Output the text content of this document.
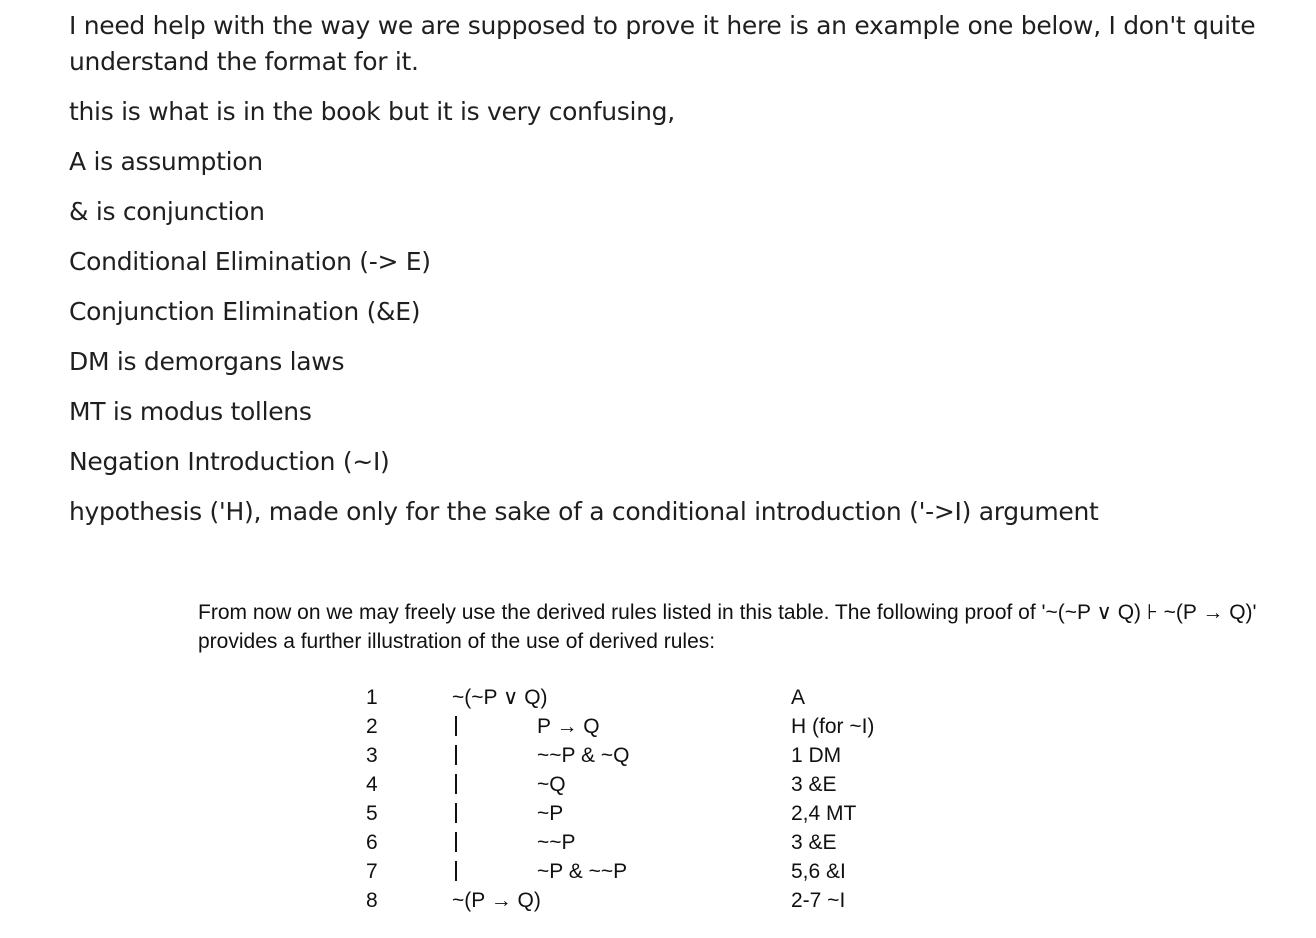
I need help with the way we are supposed to prove it here is an example one below, I don't quite understand the format for it.

this is what is in the book but it is very confusing,

A is assumption

& is conjunction

Conditional Elimination (-> E)

Conjunction Elimination (&E)

DM is demorgans laws

MT is modus tollens

Negation Introduction (~I)

hypothesis ('H), made only for the sake of a conditional introduction ('->I) argument

From now on we may freely use the derived rules listed in this table. The following proof of '~(~P ∨ Q) ⊦ ~(P → Q)' provides a further illustration of the use of derived rules:
1	~(~P ∨ Q)	A
2	P → Q	H (for ~I)
3	~~P & ~Q	1 DM
4	~Q	3 &E
5	~P	2,4 MT
6	~~P	3 &E
7	~P & ~~P	5,6 &I
8	~(P → Q)	2-7 ~I
